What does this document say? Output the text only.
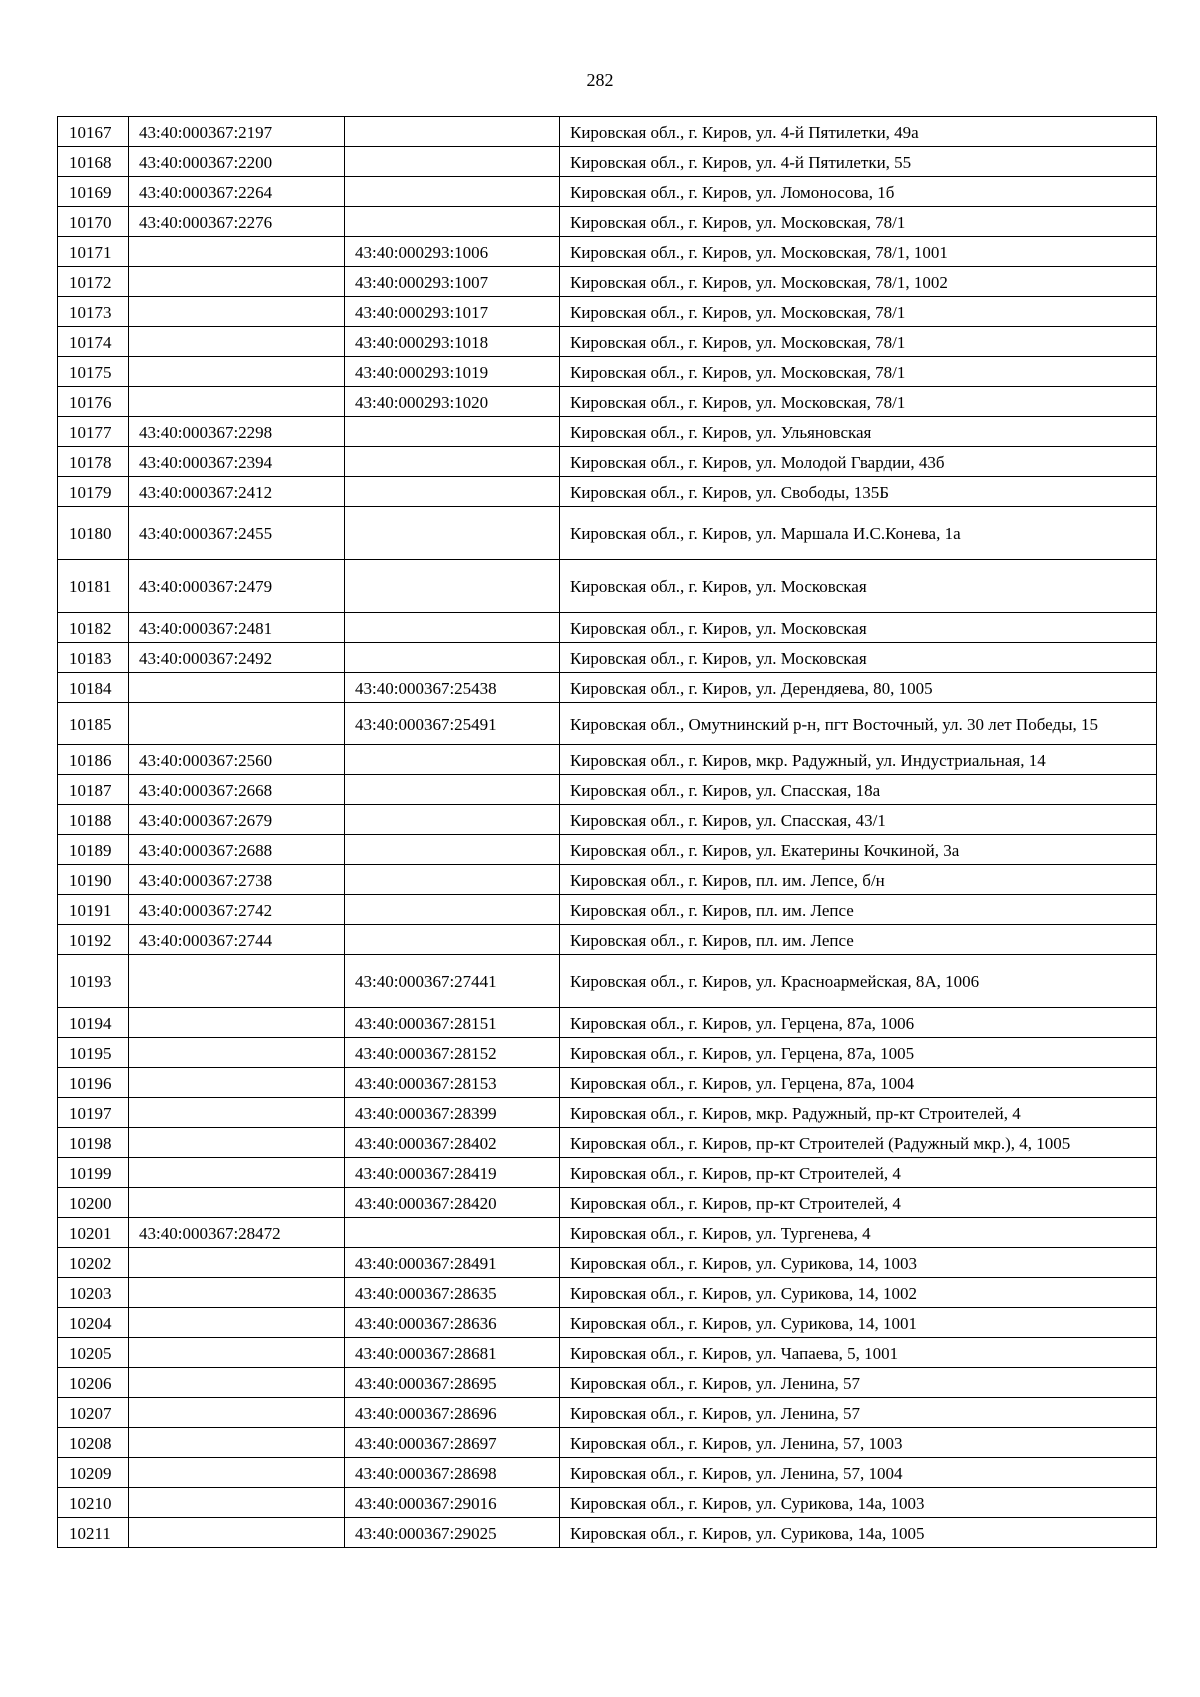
282
10167	43:40:000367:2197		Кировская обл., г. Киров, ул. 4-й Пятилетки, 49а
10168	43:40:000367:2200		Кировская обл., г. Киров, ул. 4-й Пятилетки, 55
10169	43:40:000367:2264		Кировская обл., г. Киров, ул. Ломоносова, 1б
10170	43:40:000367:2276		Кировская обл., г. Киров, ул. Московская, 78/1
10171		43:40:000293:1006	Кировская обл., г. Киров, ул. Московская, 78/1, 1001
10172		43:40:000293:1007	Кировская обл., г. Киров, ул. Московская, 78/1, 1002
10173		43:40:000293:1017	Кировская обл., г. Киров, ул. Московская, 78/1
10174		43:40:000293:1018	Кировская обл., г. Киров, ул. Московская, 78/1
10175		43:40:000293:1019	Кировская обл., г. Киров, ул. Московская, 78/1
10176		43:40:000293:1020	Кировская обл., г. Киров, ул. Московская, 78/1
10177	43:40:000367:2298		Кировская обл., г. Киров, ул. Ульяновская
10178	43:40:000367:2394		Кировская обл., г. Киров, ул. Молодой Гвардии, 43б
10179	43:40:000367:2412		Кировская обл., г. Киров, ул. Свободы, 135Б
10180	43:40:000367:2455		Кировская обл., г. Киров, ул. Маршала И.С.Конева, 1а
10181	43:40:000367:2479		Кировская обл., г. Киров, ул. Московская
10182	43:40:000367:2481		Кировская обл., г. Киров, ул. Московская
10183	43:40:000367:2492		Кировская обл., г. Киров, ул. Московская
10184		43:40:000367:25438	Кировская обл., г. Киров, ул. Дерендяева, 80, 1005
10185		43:40:000367:25491	Кировская обл., Омутнинский р-н, пгт Восточный, ул. 30 лет Победы, 15
10186	43:40:000367:2560		Кировская обл., г. Киров, мкр. Радужный, ул. Индустриальная, 14
10187	43:40:000367:2668		Кировская обл., г. Киров, ул. Спасская, 18а
10188	43:40:000367:2679		Кировская обл., г. Киров, ул. Спасская, 43/1
10189	43:40:000367:2688		Кировская обл., г. Киров, ул. Екатерины Кочкиной, 3а
10190	43:40:000367:2738		Кировская обл., г. Киров, пл. им. Лепсе, б/н
10191	43:40:000367:2742		Кировская обл., г. Киров, пл. им. Лепсе
10192	43:40:000367:2744		Кировская обл., г. Киров, пл. им. Лепсе
10193		43:40:000367:27441	Кировская обл., г. Киров, ул. Красноармейская, 8А, 1006
10194		43:40:000367:28151	Кировская обл., г. Киров, ул. Герцена, 87а, 1006
10195		43:40:000367:28152	Кировская обл., г. Киров, ул. Герцена, 87а, 1005
10196		43:40:000367:28153	Кировская обл., г. Киров, ул. Герцена, 87а, 1004
10197		43:40:000367:28399	Кировская обл., г. Киров, мкр. Радужный, пр-кт Строителей, 4
10198		43:40:000367:28402	Кировская обл., г. Киров, пр-кт Строителей (Радужный мкр.), 4, 1005
10199		43:40:000367:28419	Кировская обл., г. Киров, пр-кт Строителей, 4
10200		43:40:000367:28420	Кировская обл., г. Киров, пр-кт Строителей, 4
10201	43:40:000367:28472		Кировская обл., г. Киров, ул. Тургенева, 4
10202		43:40:000367:28491	Кировская обл., г. Киров, ул. Сурикова, 14, 1003
10203		43:40:000367:28635	Кировская обл., г. Киров, ул. Сурикова, 14, 1002
10204		43:40:000367:28636	Кировская обл., г. Киров, ул. Сурикова, 14, 1001
10205		43:40:000367:28681	Кировская обл., г. Киров, ул. Чапаева, 5, 1001
10206		43:40:000367:28695	Кировская обл., г. Киров, ул. Ленина, 57
10207		43:40:000367:28696	Кировская обл., г. Киров, ул. Ленина, 57
10208		43:40:000367:28697	Кировская обл., г. Киров, ул. Ленина, 57, 1003
10209		43:40:000367:28698	Кировская обл., г. Киров, ул. Ленина, 57, 1004
10210		43:40:000367:29016	Кировская обл., г. Киров, ул. Сурикова, 14а, 1003
10211		43:40:000367:29025	Кировская обл., г. Киров, ул. Сурикова, 14а, 1005
